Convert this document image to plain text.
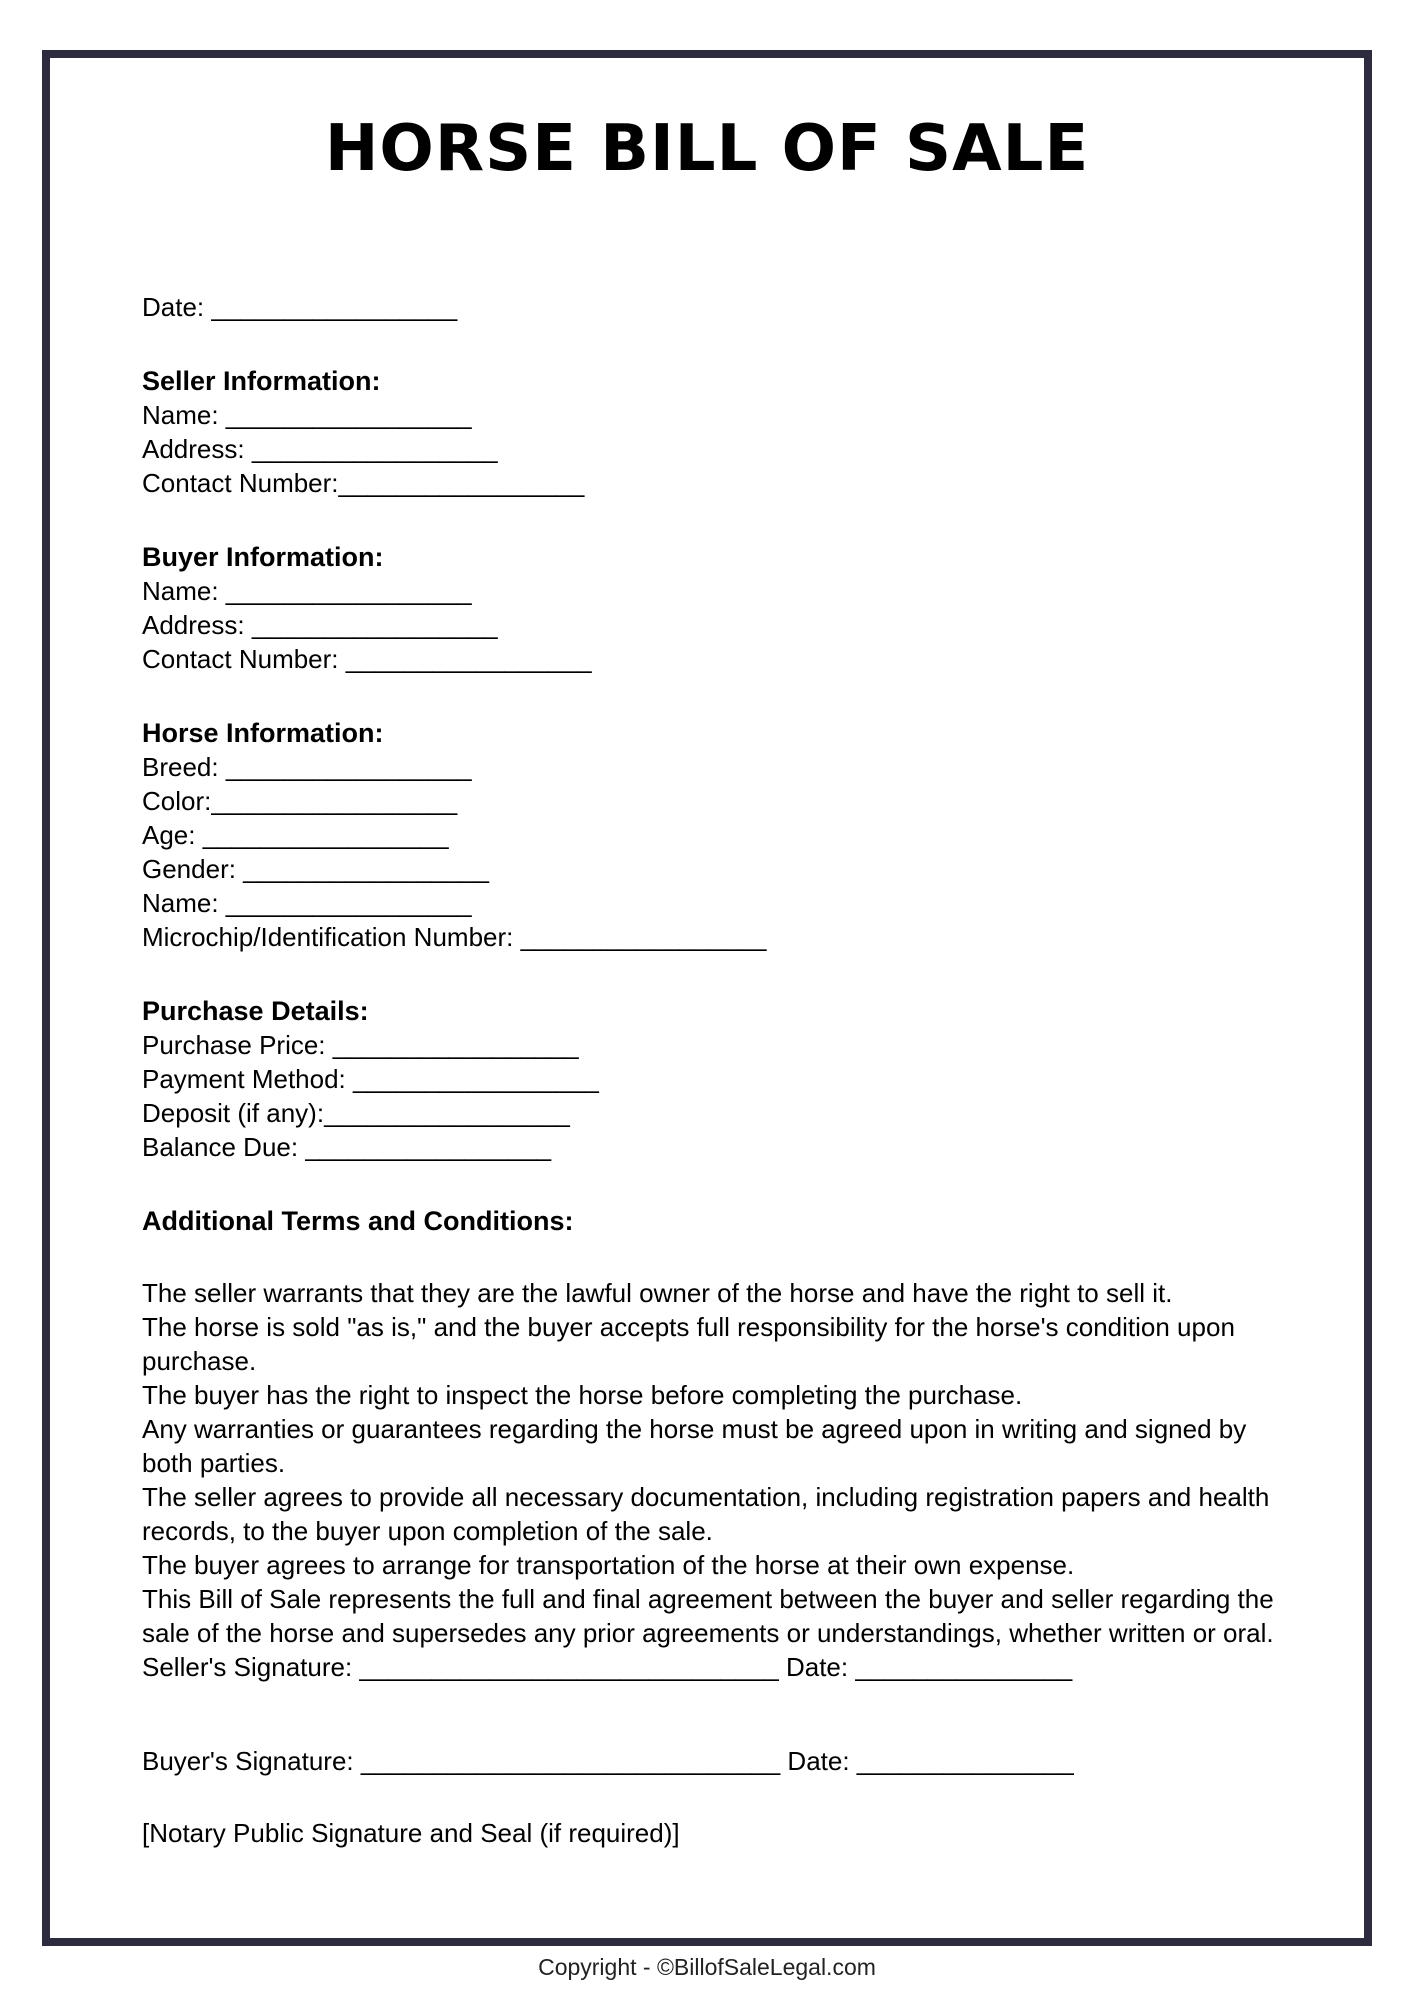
HORSE BILL OF SALE
Date: _________________
Seller Information:
Name: _________________
Address: _________________
Contact Number:_________________
Buyer Information:
Name: _________________
Address: _________________
Contact Number: _________________
Horse Information:
Breed: _________________
Color:_________________
Age: _________________
Gender: _________________
Name: _________________
Microchip/Identification Number: _________________
Purchase Details:
Purchase Price: _________________
Payment Method: _________________
Deposit (if any):_________________
Balance Due: _________________
Additional Terms and Conditions:
The seller warrants that they are the lawful owner of the horse and have the right to sell it.
The horse is sold "as is," and the buyer accepts full responsibility for the horse's condition upon purchase.
The buyer has the right to inspect the horse before completing the purchase.
Any warranties or guarantees regarding the horse must be agreed upon in writing and signed by both parties.
The seller agrees to provide all necessary documentation, including registration papers and health records, to the buyer upon completion of the sale.
The buyer agrees to arrange for transportation of the horse at their own expense.
This Bill of Sale represents the full and final agreement between the buyer and seller regarding the sale of the horse and supersedes any prior agreements or understandings, whether written or oral.
Seller's Signature: _____________________________ Date: _______________
Buyer's Signature: _____________________________ Date: _______________
[Notary Public Signature and Seal (if required)]
Copyright - ©BillofSaleLegal.com
